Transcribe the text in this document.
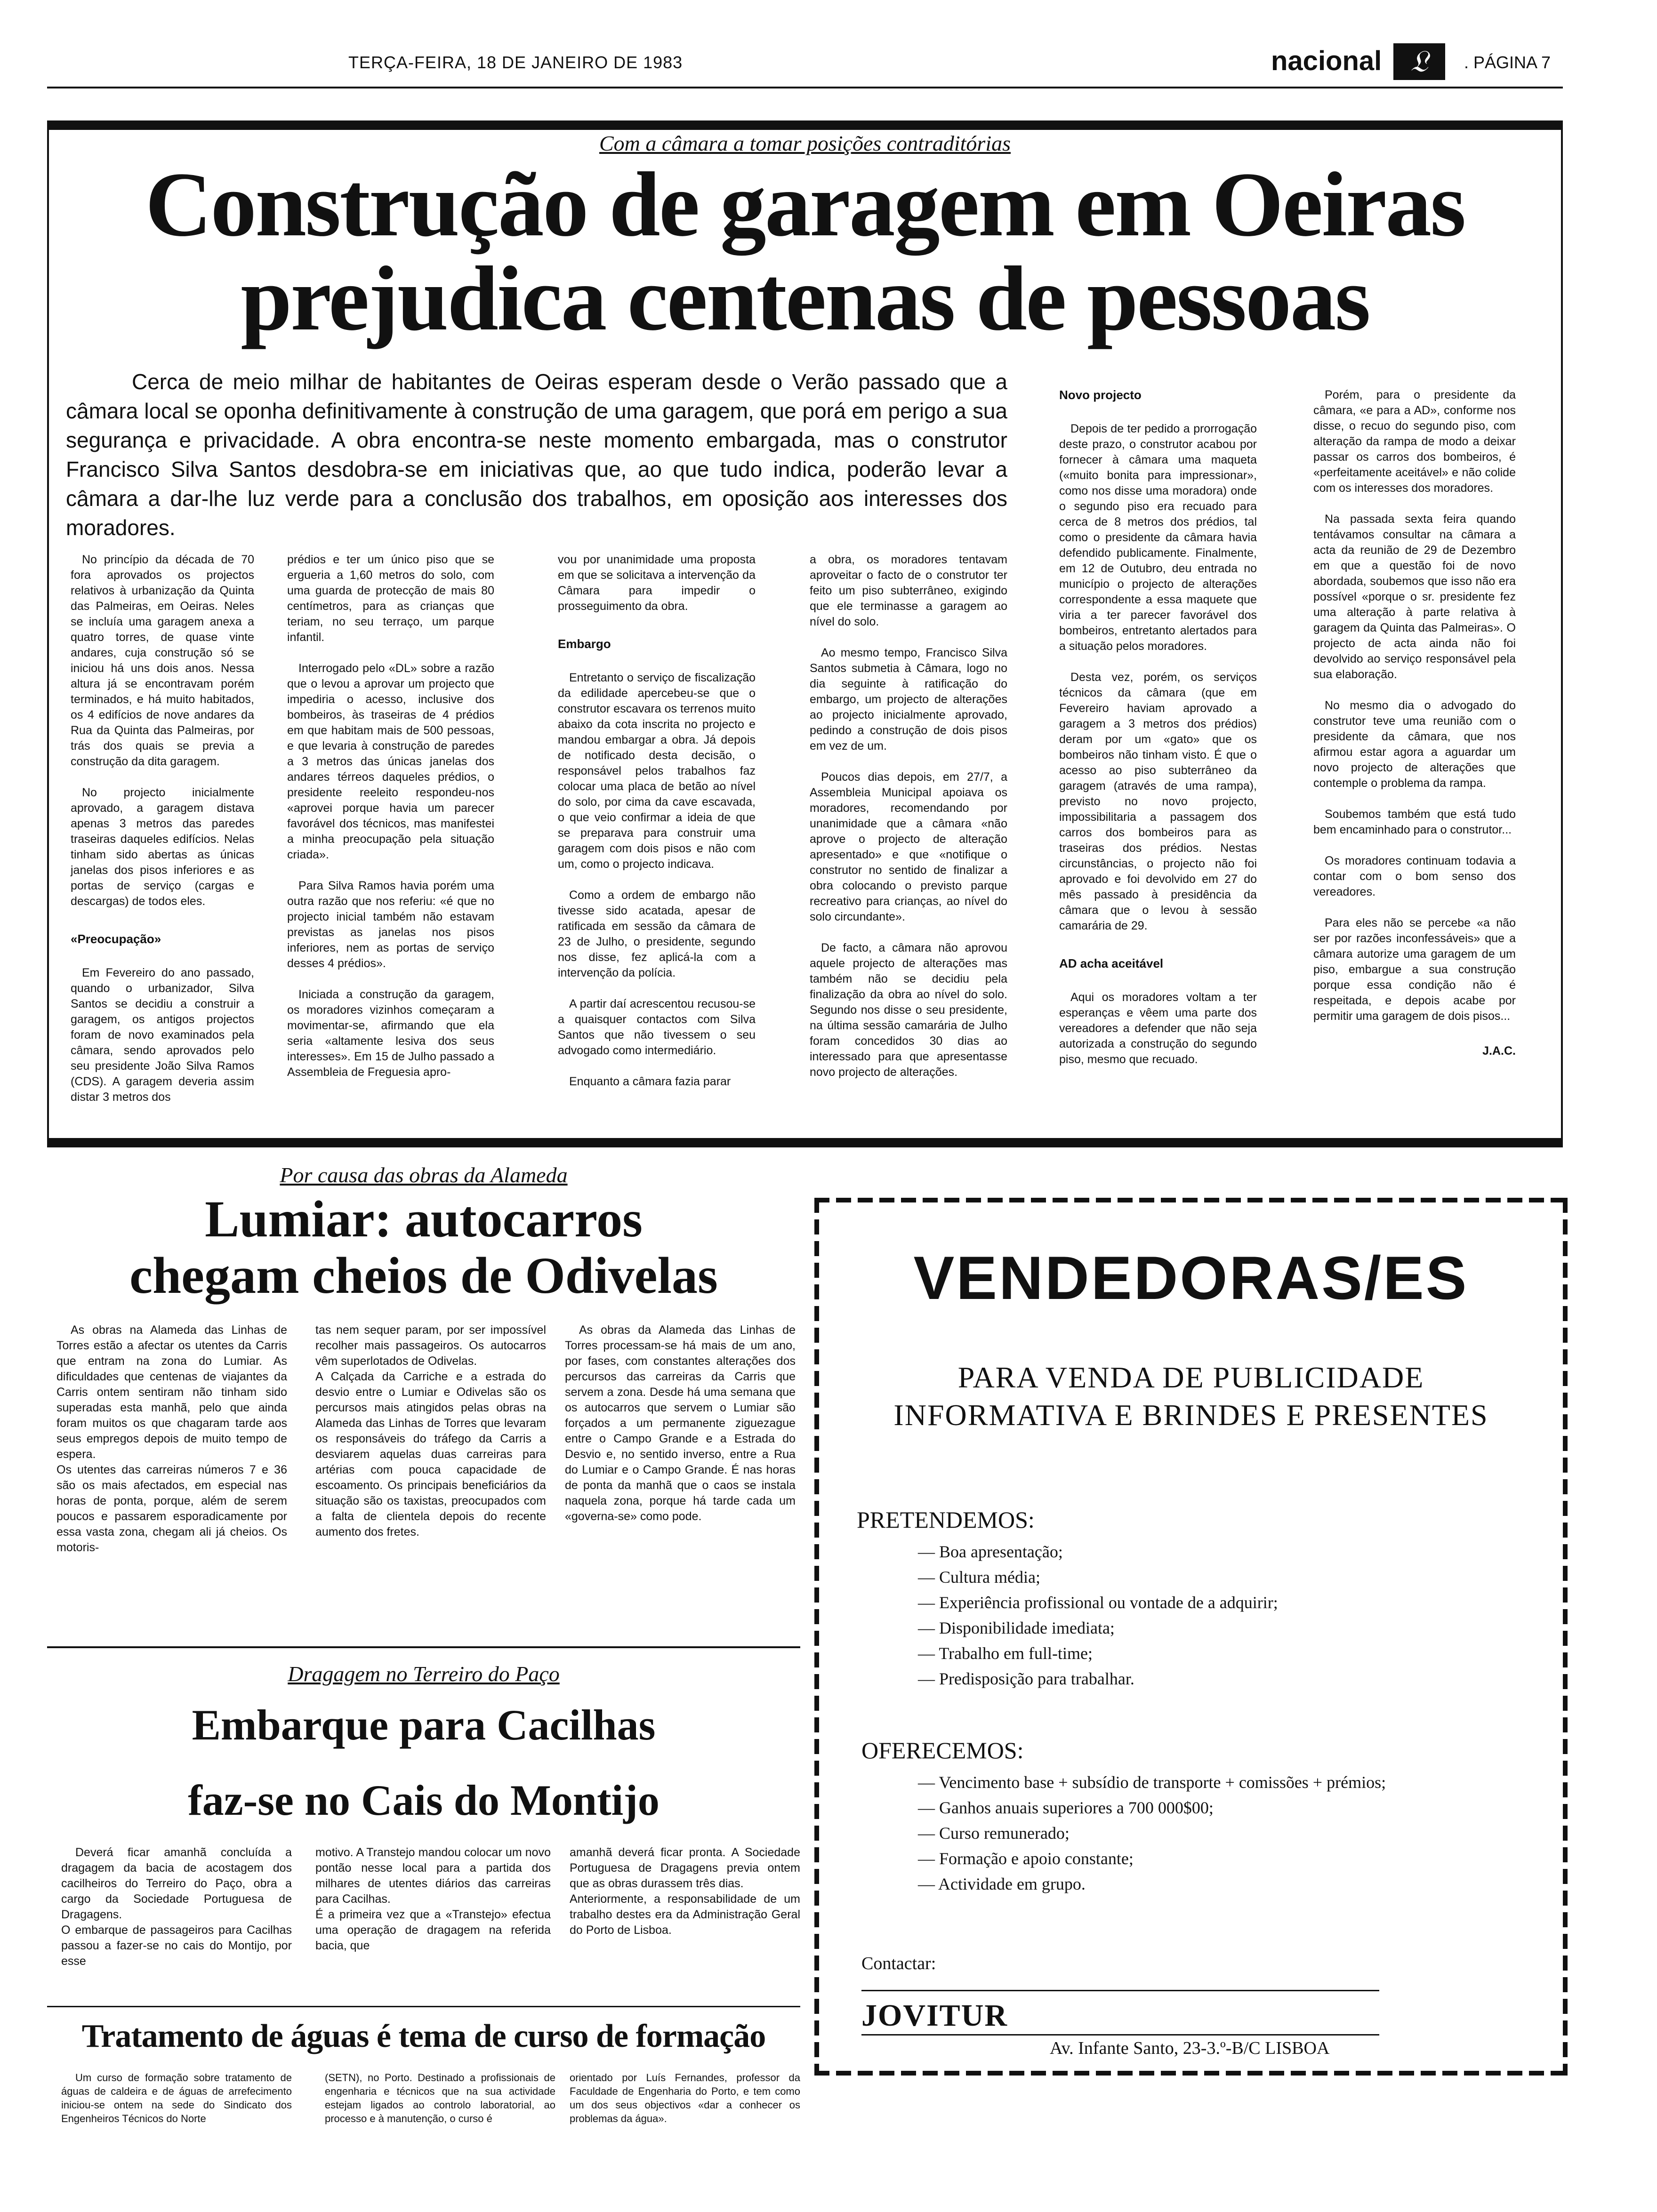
TERÇA-FEIRA, 18 DE JANEIRO DE 1983	nacional 𝔏	. PÁGINA 7
Com a câmara a tomar posições contraditórias
Construção de garagem em Oeiras
prejudica centenas de pessoas
Cerca de meio milhar de habitantes de Oeiras esperam desde o Verão passado que a câmara local se oponha definitivamente à construção de uma garagem, que porá em perigo a sua segurança e privacidade. A obra encontra-se neste momento embargada, mas o construtor Francisco Silva Santos desdobra-se em iniciativas que, ao que tudo indica, poderão levar a câmara a dar-lhe luz verde para a conclusão dos trabalhos, em oposição aos interesses dos moradores.

No princípio da década de 70 fora aprovados os projectos relativos à urbanização da Quinta das Palmeiras, em Oeiras. Neles se incluía uma garagem anexa a quatro torres, de quase vinte andares, cuja construção só se iniciou há uns dois anos. Nessa altura já se encontravam porém terminados, e há muito habitados, os 4 edifícios de nove andares da Rua da Quinta das Palmeiras, por trás dos quais se previa a construção da dita garagem.

No projecto inicialmente aprovado, a garagem distava apenas 3 metros das paredes traseiras daqueles edifícios. Nelas tinham sido abertas as únicas janelas dos pisos inferiores e as portas de serviço (cargas e descargas) de todos eles.

«Preocupação»

Em Fevereiro do ano passado, quando o urbanizador, Silva Santos se decidiu a construir a garagem, os antigos projectos foram de novo examinados pela câmara, sendo aprovados pelo seu presidente João Silva Ramos (CDS). A garagem deveria assim distar 3 metros dos

prédios e ter um único piso que se ergueria a 1,60 metros do solo, com uma guarda de protecção de mais 80 centímetros, para as crianças que teriam, no seu terraço, um parque infantil.

Interrogado pelo «DL» sobre a razão que o levou a aprovar um projecto que impediria o acesso, inclusive dos bombeiros, às traseiras de 4 prédios em que habitam mais de 500 pessoas, e que levaria à construção de paredes a 3 metros das únicas janelas dos andares térreos daqueles prédios, o presidente reeleito respondeu-nos «aprovei porque havia um parecer favorável dos técnicos, mas manifestei a minha preocupação pela situação criada».

Para Silva Ramos havia porém uma outra razão que nos referiu: «é que no projecto inicial também não estavam previstas as janelas nos pisos inferiores, nem as portas de serviço desses 4 prédios».

Iniciada a construção da garagem, os moradores vizinhos começaram a movimentar-se, afirmando que ela seria «altamente lesiva dos seus interesses». Em 15 de Julho passado a Assembleia de Freguesia apro-

vou por unanimidade uma proposta em que se solicitava a intervenção da Câmara para impedir o prosseguimento da obra.

Embargo

Entretanto o serviço de fiscalização da edilidade apercebeu-se que o construtor escavara os terrenos muito abaixo da cota inscrita no projecto e mandou embargar a obra. Já depois de notificado desta decisão, o responsável pelos trabalhos faz colocar uma placa de betão ao nível do solo, por cima da cave escavada, o que veio confirmar a ideia de que se preparava para construir uma garagem com dois pisos e não com um, como o projecto indicava.

Como a ordem de embargo não tivesse sido acatada, apesar de ratificada em sessão da câmara de 23 de Julho, o presidente, segundo nos disse, fez aplicá-la com a intervenção da polícia.

A partir daí acrescentou recusou-se a quaisquer contactos com Silva Santos que não tivessem o seu advogado como intermediário.

Enquanto a câmara fazia parar

a obra, os moradores tentavam aproveitar o facto de o construtor ter feito um piso subterrâneo, exigindo que ele terminasse a garagem ao nível do solo.

Ao mesmo tempo, Francisco Silva Santos submetia à Câmara, logo no dia seguinte à ratificação do embargo, um projecto de alterações ao projecto inicialmente aprovado, pedindo a construção de dois pisos em vez de um.

Poucos dias depois, em 27/7, a Assembleia Municipal apoiava os moradores, recomendando por unanimidade que a câmara «não aprove o projecto de alteração apresentado» e que «notifique o construtor no sentido de finalizar a obra colocando o previsto parque recreativo para crianças, ao nível do solo circundante».

De facto, a câmara não aprovou aquele projecto de alterações mas também não se decidiu pela finalização da obra ao nível do solo. Segundo nos disse o seu presidente, na última sessão camarária de Julho foram concedidos 30 dias ao interessado para que apresentasse novo projecto de alterações.

Novo projecto

Depois de ter pedido a prorrogação deste prazo, o construtor acabou por fornecer à câmara uma maqueta («muito bonita para impressionar», como nos disse uma moradora) onde o segundo piso era recuado para cerca de 8 metros dos prédios, tal como o presidente da câmara havia defendido publicamente. Finalmente, em 12 de Outubro, deu entrada no município o projecto de alterações correspondente a essa maquete que viria a ter parecer favorável dos bombeiros, entretanto alertados para a situação pelos moradores.

Desta vez, porém, os serviços técnicos da câmara (que em Fevereiro haviam aprovado a garagem a 3 metros dos prédios) deram por um «gato» que os bombeiros não tinham visto. É que o acesso ao piso subterrâneo da garagem (através de uma rampa), previsto no novo projecto, impossibilitaria a passagem dos carros dos bombeiros para as traseiras dos prédios. Nestas circunstâncias, o projecto não foi aprovado e foi devolvido em 27 do mês passado à presidência da câmara que o levou à sessão camarária de 29.

AD acha aceitável

Aqui os moradores voltam a ter esperanças e vêem uma parte dos vereadores a defender que não seja autorizada a construção do segundo piso, mesmo que recuado.

Porém, para o presidente da câmara, «e para a AD», conforme nos disse, o recuo do segundo piso, com alteração da rampa de modo a deixar passar os carros dos bombeiros, é «perfeitamente aceitável» e não colide com os interesses dos moradores.

Na passada sexta feira quando tentávamos consultar na câmara a acta da reunião de 29 de Dezembro em que a questão foi de novo abordada, soubemos que isso não era possível «porque o sr. presidente fez uma alteração à parte relativa à garagem da Quinta das Palmeiras». O projecto de acta ainda não foi devolvido ao serviço responsável pela sua elaboração.

No mesmo dia o advogado do construtor teve uma reunião com o presidente da câmara, que nos afirmou estar agora a aguardar um novo projecto de alterações que contemple o problema da rampa.

Soubemos também que está tudo bem encaminhado para o construtor...

Os moradores continuam todavia a contar com o bom senso dos vereadores.

Para eles não se percebe «a não ser por razões inconfessáveis» que a câmara autorize uma garagem de um piso, embargue a sua construção porque essa condição não é respeitada, e depois acabe por permitir uma garagem de dois pisos...

J.A.C.

Por causa das obras da Alameda
Lumiar: autocarros
chegam cheios de Odivelas
As obras na Alameda das Linhas de Torres estão a afectar os utentes da Carris que entram na zona do Lumiar. As dificuldades que centenas de viajantes da Carris ontem sentiram não tinham sido superadas esta manhã, pelo que ainda foram muitos os que chagaram tarde aos seus empregos depois de muito tempo de espera.
Os utentes das carreiras números 7 e 36 são os mais afectados, em especial nas horas de ponta, porque, além de serem poucos e passarem esporadicamente por essa vasta zona, chegam ali já cheios. Os motoris-
tas nem sequer param, por ser impossível recolher mais passageiros. Os autocarros vêm superlotados de Odivelas.
A Calçada da Carriche e a estrada do desvio entre o Lumiar e Odivelas são os percursos mais atingidos pelas obras na Alameda das Linhas de Torres que levaram os responsáveis do tráfego da Carris a desviarem aquelas duas carreiras para artérias com pouca capacidade de escoamento. Os principais beneficiários da situação são os taxistas, preocupados com a falta de clientela depois do recente aumento dos fretes.
As obras da Alameda das Linhas de Torres processam-se há mais de um ano, por fases, com constantes alterações dos percursos das carreiras da Carris que servem a zona. Desde há uma semana que os autocarros que servem o Lumiar são forçados a um permanente ziguezague entre o Campo Grande e a Estrada do Desvio e, no sentido inverso, entre a Rua do Lumiar e o Campo Grande. É nas horas de ponta da manhã que o caos se instala naquela zona, porque há tarde cada um «governa-se» como pode.
Dragagem no Terreiro do Paço
Embarque para Cacilhas
faz-se no Cais do Montijo
Deverá ficar amanhã concluída a dragagem da bacia de acostagem dos cacilheiros do Terreiro do Paço, obra a cargo da Sociedade Portuguesa de Dragagens.
O embarque de passageiros para Cacilhas passou a fazer-se no cais do Montijo, por esse
motivo. A Transtejo mandou colocar um novo pontão nesse local para a partida dos milhares de utentes diários das carreiras para Cacilhas.
É a primeira vez que a «Transtejo» efectua uma operação de dragagem na referida bacia, que
amanhã deverá ficar pronta. A Sociedade Portuguesa de Dragagens previa ontem que as obras durassem três dias.
Anteriormente, a responsabilidade de um trabalho destes era da Administração Geral do Porto de Lisboa.
Tratamento de águas é tema de curso de formação
Um curso de formação sobre tratamento de águas de caldeira e de águas de arrefecimento iniciou-se ontem na sede do Sindicato dos Engenheiros Técnicos do Norte
(SETN), no Porto. Destinado a profissionais de engenharia e técnicos que na sua actividade estejam ligados ao controlo laboratorial, ao processo e à manutenção, o curso é
orientado por Luís Fernandes, professor da Faculdade de Engenharia do Porto, e tem como um dos seus objectivos «dar a conhecer os problemas da água».
VENDEDORAS/ES
PARA VENDA DE PUBLICIDADE
INFORMATIVA E BRINDES E PRESENTES
PRETENDEMOS:
— Boa apresentação;
— Cultura média;
— Experiência profissional ou vontade de a adquirir;
— Disponibilidade imediata;
— Trabalho em full-time;
— Predisposição para trabalhar.
OFERECEMOS:
— Vencimento base + subsídio de transporte + comissões + prémios;
— Ganhos anuais superiores a 700 000$00;
— Curso remunerado;
— Formação e apoio constante;
— Actividade em grupo.
Contactar:
JOVITUR
Av. Infante Santo, 23-3.º-B/C LISBOA
